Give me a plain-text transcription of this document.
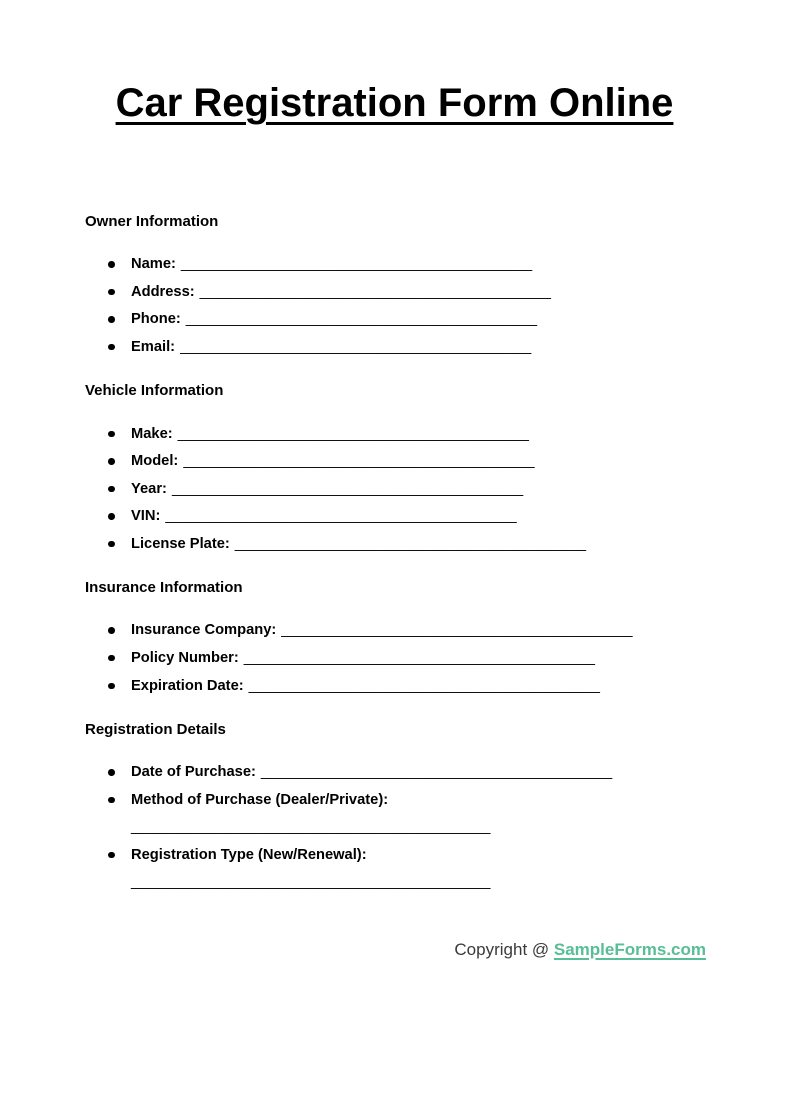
Car Registration Form Online

Owner Information

Name: ___________________________________________
Address: ___________________________________________
Phone: ___________________________________________
Email: ___________________________________________

Vehicle Information

Make: ___________________________________________
Model: ___________________________________________
Year: ___________________________________________
VIN: ___________________________________________
License Plate: ___________________________________________

Insurance Information

Insurance Company: ___________________________________________
Policy Number: ___________________________________________
Expiration Date: ___________________________________________

Registration Details

Date of Purchase: ___________________________________________
Method of Purchase (Dealer/Private):
____________________________________________
Registration Type (New/Renewal):
____________________________________________
Copyright @ SampleForms.com
